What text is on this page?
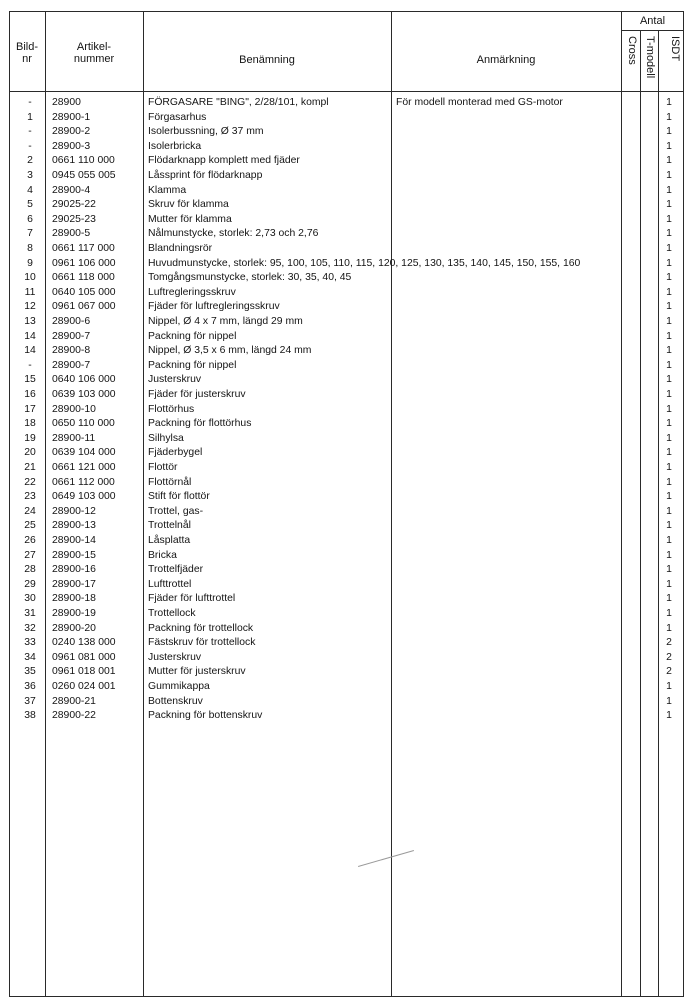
Bild-
nr
Artikel-
nummer	Benämning	Anmärkning
Antal
Cross T-modell ISDT
-	28900	FÖRGASARE "BING", 2/28/101, kompl	För modell monterad med GS-motor	1
1	28900-1	Förgasarhus	1
-	28900-2	Isolerbussning, Ø 37 mm	1
-	28900-3	Isolerbricka	1
2	0661 110 000	Flödarknapp komplett med fjäder	1
3	0945 055 005	Låssprint för flödarknapp	1
4	28900-4	Klamma	1
5	29025-22	Skruv för klamma	1
6	29025-23	Mutter för klamma	1
7	28900-5	Nålmunstycke, storlek: 2,73 och 2,76	1
8	0661 117 000	Blandningsrör	1
9	0961 106 000	Huvudmunstycke, storlek: 95, 100, 105, 110, 115, 120, 125, 130, 135, 140, 145, 150, 155, 160	1
10	0661 118 000	Tomgångsmunstycke, storlek: 30, 35, 40, 45	1
11	0640 105 000	Luftregleringsskruv	1
12	0961 067 000	Fjäder för luftregleringsskruv	1
13	28900-6	Nippel, Ø 4 x 7 mm, längd 29 mm	1
14	28900-7	Packning för nippel	1
14	28900-8	Nippel, Ø 3,5 x 6 mm, längd 24 mm	1
-	28900-7	Packning för nippel	1
15	0640 106 000	Justerskruv	1
16	0639 103 000	Fjäder för justerskruv	1
17	28900-10	Flottörhus	1
18	0650 110 000	Packning för flottörhus	1
19	28900-11	Silhylsa	1
20	0639 104 000	Fjäderbygel	1
21	0661 121 000	Flottör	1
22	0661 112 000	Flottörnål	1
23	0649 103 000	Stift för flottör	1
24	28900-12	Trottel, gas-	1
25	28900-13	Trottelnål	1
26	28900-14	Låsplatta	1
27	28900-15	Bricka	1
28	28900-16	Trottelfjäder	1
29	28900-17	Lufttrottel	1
30	28900-18	Fjäder för lufttrottel	1
31	28900-19	Trottellock	1
32	28900-20	Packning för trottellock	1
33	0240 138 000	Fästskruv för trottellock	2
34	0961 081 000	Justerskruv	2
35	0961 018 001	Mutter för justerskruv	2
36	0260 024 001	Gummikappa	1
37	28900-21	Bottenskruv	1
38	28900-22	Packning för bottenskruv	1
